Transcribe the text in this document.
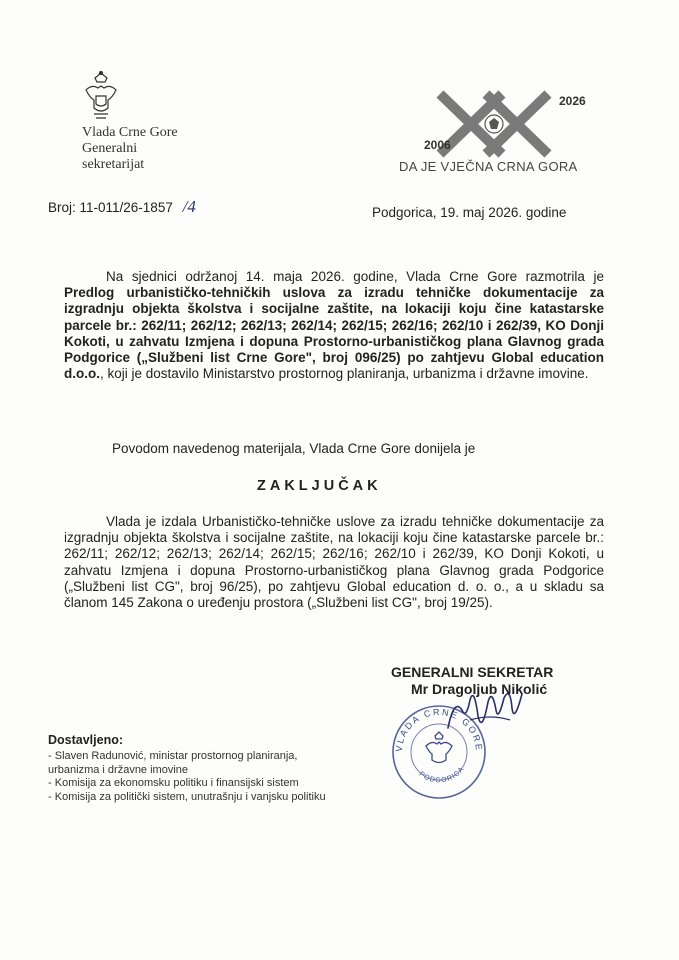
Vlada Crne Gore
Generalni
sekretarijat
2006
2026
DA JE VJEČNA CRNA GORA
Broj: 11-011/26-1857 /4	Podgorica, 19. maj 2026. godine

Na sjednici održanoj 14. maja 2026. godine, Vlada Crne Gore razmotrila je Predlog urbanističko-tehničkih uslova za izradu tehničke dokumentacije za izgradnju objekta školstva i socijalne zaštite, na lokaciji koju čine katastarske parcele br.: 262/11; 262/12; 262/13; 262/14; 262/15; 262/16; 262/10 i 262/39, KO Donji Kokoti, u zahvatu Izmjena i dopuna Prostorno-urbanističkog plana Glavnog grada Podgorice („Službeni list Crne Gore", broj 096/25) po zahtjevu Global education d.o.o., koji je dostavilo Ministarstvo prostornog planiranja, urbanizma i državne imovine.

Povodom navedenog materijala, Vlada Crne Gore donijela je

ZAKLJUČAK

Vlada je izdala Urbanističko-tehničke uslove za izradu tehničke dokumentacije za izgradnju objekta školstva i socijalne zaštite, na lokaciji koju čine katastarske parcele br.: 262/11; 262/12; 262/13; 262/14; 262/15; 262/16; 262/10 i 262/39, KO Donji Kokoti, u zahvatu Izmjena i dopuna Prostorno-urbanističkog plana Glavnog grada Podgorice („Službeni list CG", broj 96/25), po zahtjevu Global education d. o. o., a u skladu sa članom 145 Zakona o uređenju prostora („Službeni list CG", broj 19/25).

GENERALNI SEKRETAR
Mr Dragoljub Nikolić
VLADA CRNE GORE
PODGORICA
Dostavljeno:
- Slaven Radunović, ministar prostornog planiranja,
urbanizma i državne imovine
- Komisija za ekonomsku politiku i finansijski sistem
- Komisija za politički sistem, unutrašnju i vanjsku politiku
